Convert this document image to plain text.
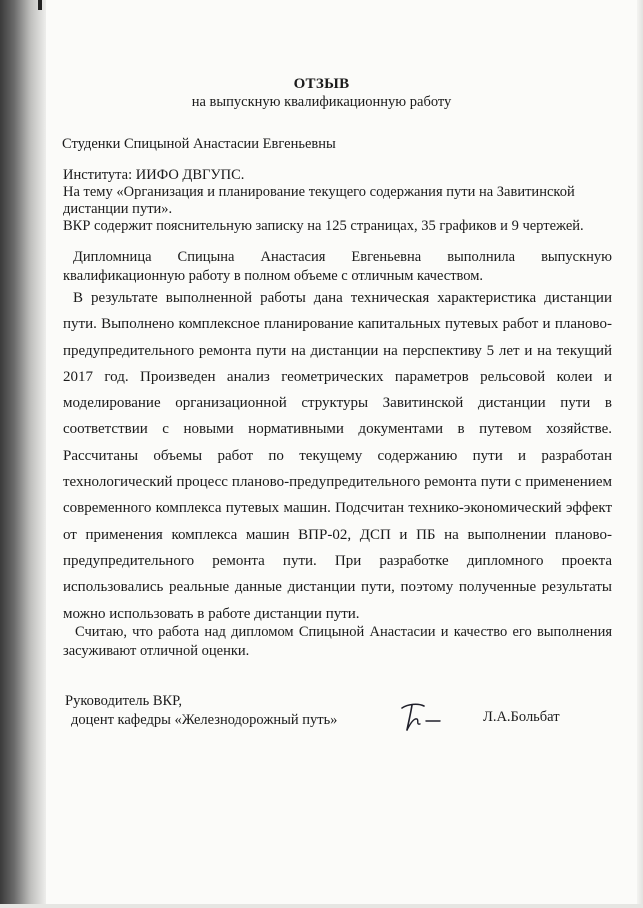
ОТЗЫВ
на выпускную квалификационную работу
Студенки Спицыной Анастасии Евгеньевны
Института: ИИФО ДВГУПС.
На тему «Организация и планирование текущего содержания пути на Завитинской
дистанции пути».
ВКР содержит пояснительную записку на 125 страницах, 35 графиков и 9 чертежей.

Дипломница Спицына Анастасия Евгеньевна выполнила выпускную квалификационную работу в полном объеме с отличным качеством.

В результате выполненной работы дана техническая характеристика дистанции пути. Выполнено комплексное планирование капитальных путевых работ и планово-предупредительного ремонта пути на дистанции на перспективу 5 лет и на текущий 2017 год. Произведен анализ геометрических параметров рельсовой колеи и моделирование организационной структуры Завитинской дистанции пути в соответствии с новыми нормативными документами в путевом хозяйстве. Рассчитаны объемы работ по текущему содержанию пути и разработан технологический процесс планово-предупредительного ремонта пути с применением современного комплекса путевых машин. Подсчитан технико-экономический эффект от применения комплекса машин ВПР-02, ДСП и ПБ на выполнении планово-предупредительного ремонта пути. При разработке дипломного проекта использовались реальные данные дистанции пути, поэтому полученные результаты можно использовать в работе дистанции пути.

Считаю, что работа над дипломом Спицыной Анастасии и качество его выполнения засуживают отличной оценки.

Руководитель ВКР,
доцент кафедры «Железнодорожный путь»	Л.А.Больбат
